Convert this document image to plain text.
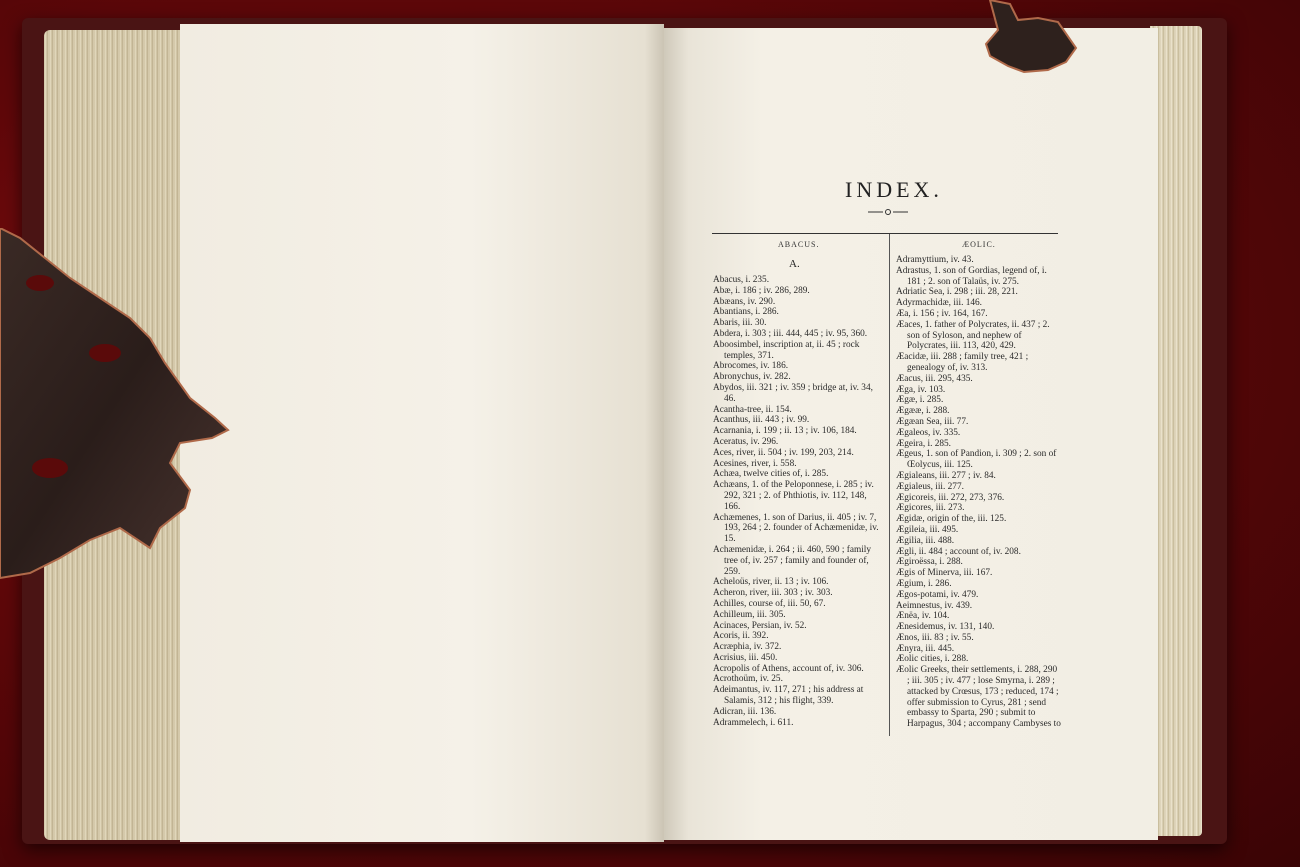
INDEX.
ABACUS.	ÆOLIC.
A.
Abacus, i. 235.
Abæ, i. 186 ; iv. 286, 289.
Abæans, iv. 290.
Abantians, i. 286.
Abaris, iii. 30.
Abdera, i. 303 ; iii. 444, 445 ; iv. 95, 360.
Aboosimbel, inscription at, ii. 45 ; rock temples, 371.
Abrocomes, iv. 186.
Abronychus, iv. 282.
Abydos, iii. 321 ; iv. 359 ; bridge at, iv. 34, 46.
Acantha-tree, ii. 154.
Acanthus, iii. 443 ; iv. 99.
Acarnania, i. 199 ; ii. 13 ; iv. 106, 184.
Aceratus, iv. 296.
Aces, river, ii. 504 ; iv. 199, 203, 214.
Acesines, river, i. 558.
Achæa, twelve cities of, i. 285.
Achæans, 1. of the Peloponnese, i. 285 ; iv. 292, 321 ; 2. of Phthiotis, iv. 112, 148, 166.
Achæmenes, 1. son of Darius, ii. 405 ; iv. 7, 193, 264 ; 2. founder of Achæmenidæ, iv. 15.
Achæmenidæ, i. 264 ; ii. 460, 590 ; family tree of, iv. 257 ; family and founder of, 259.
Acheloüs, river, ii. 13 ; iv. 106.
Acheron, river, iii. 303 ; iv. 303.
Achilles, course of, iii. 50, 67.
Achilleum, iii. 305.
Acinaces, Persian, iv. 52.
Acoris, ii. 392.
Acræphia, iv. 372.
Acrisius, iii. 450.
Acropolis of Athens, account of, iv. 306.
Acrothoüm, iv. 25.
Adeimantus, iv. 117, 271 ; his address at Salamis, 312 ; his flight, 339.
Adicran, iii. 136.
Adrammelech, i. 611.
Adramyttium, iv. 43.
Adrastus, 1. son of Gordias, legend of, i. 181 ; 2. son of Talaüs, iv. 275.
Adriatic Sea, i. 298 ; iii. 28, 221.
Adyrmachidæ, iii. 146.
Æa, i. 156 ; iv. 164, 167.
Æaces, 1. father of Polycrates, ii. 437 ; 2. son of Syloson, and nephew of Polycrates, iii. 113, 420, 429.
Æacidæ, iii. 288 ; family tree, 421 ; genealogy of, iv. 313.
Æacus, iii. 295, 435.
Æga, iv. 103.
Ægæ, i. 285.
Ægææ, i. 288.
Ægæan Sea, iii. 77.
Ægaleos, iv. 335.
Ægeira, i. 285.
Ægeus, 1. son of Pandion, i. 309 ; 2. son of Œolycus, iii. 125.
Ægialeans, iii. 277 ; iv. 84.
Ægialeus, iii. 277.
Ægicoreis, iii. 272, 273, 376.
Ægicores, iii. 273.
Ægidæ, origin of the, iii. 125.
Ægileia, iii. 495.
Ægilia, iii. 488.
Ægli, ii. 484 ; account of, iv. 208.
Ægiroëssa, i. 288.
Ægis of Minerva, iii. 167.
Ægium, i. 286.
Ægos-potami, iv. 479.
Aeimnestus, iv. 439.
Ænëa, iv. 104.
Ænesidemus, iv. 131, 140.
Ænos, iii. 83 ; iv. 55.
Ænyra, iii. 445.
Æolic cities, i. 288.
Æolic Greeks, their settlements, i. 288, 290 ; iii. 305 ; iv. 477 ; lose Smyrna, i. 289 ; attacked by Crœsus, 173 ; reduced, 174 ; offer submission to Cyrus, 281 ; send embassy to Sparta, 290 ; submit to Harpagus, 304 ; accompany Cambyses to
